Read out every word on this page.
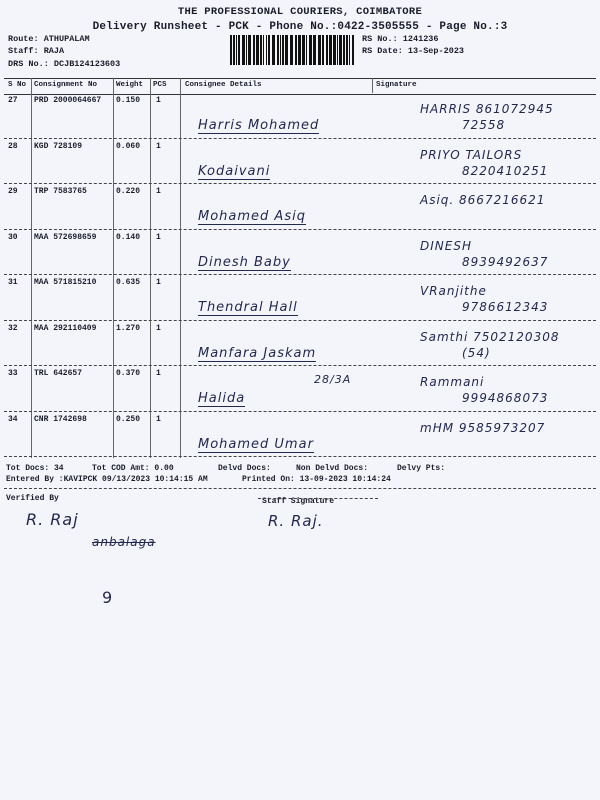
THE PROFESSIONAL COURIERS, COIMBATORE
Delivery Runsheet - PCK - Phone No.:0422-3505555 - Page No.:3
Route: ATHUPALAM
Staff: RAJA
DRS No.: DCJB124123603
RS No.: 1241236
RS Date: 13-Sep-2023
S No Consignment No	Weight PCS Consignee Details	Signature
27 PRD 2000064667 0.150 1
Harris Mohamed
HARRIS 861072945
72558
28 KGD 728109	0.060 1
Kodaivani
PRIYO TAILORS
8220410251
29 TRP 7583765	0.220 1
Mohamed Asiq
Asiq. 8667216621
30 MAA 572698659 0.140 1
Dinesh Baby
DINESH
8939492637
31 MAA 571815210 0.635 1
Thendral Hall
VRanjithe
9786612343
32 MAA 292110409 1.270 1
Manfara Jaskam
Samthi 7502120308
(54)
33 TRL 642657	0.370 1
Halida
Rammani
9994868073
28/3A
34 CNR 1742698	0.250 1
Mohamed Umar
mHM 9585973207
Tot Docs: 34	Tot COD Amt: 0.00	Delvd Docs:	Non Delvd Docs:	Delvy Pts:
Entered By :KAVIPCK 09/13/2023 10:14:15 AM	Printed On: 13-09-2023 10:14:24
Verified By	Staff Signature
R. Raj
anbalaga
R. Raj.
9
